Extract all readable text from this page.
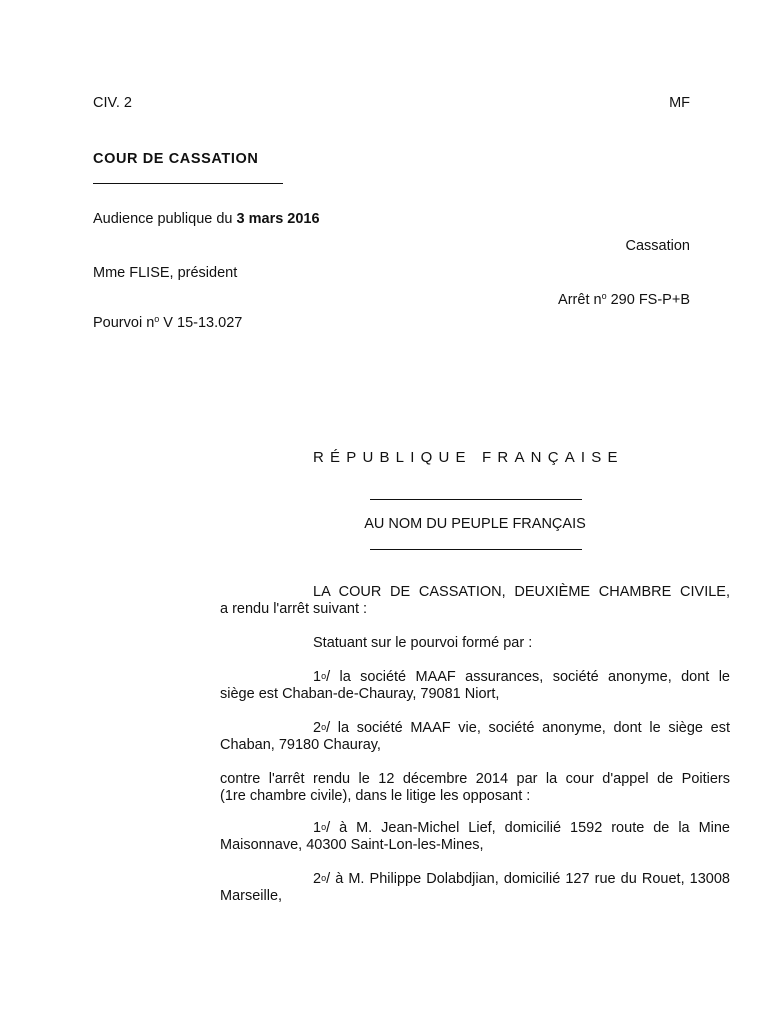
CIV. 2	MF
COUR DE CASSATION
Audience publique du 3 mars 2016
Cassation
Mme FLISE, président
Arrêt $n^o$ 290 FS-P+B
Pourvoi $n^o$ V 15-13.027
RÉPUBLIQUE FRANÇAISE
AU NOM DU PEUPLE FRANÇAIS
LA COUR DE CASSATION, DEUXIÈME CHAMBRE CIVILE,
a rendu l'arrêt suivant :
Statuant sur le pourvoi formé par :
1$^o$/ la société MAAF assurances, société anonyme, dont le
siège est Chaban-de-Chauray, 79081 Niort,
2$^o$/ la société MAAF vie, société anonyme, dont le siège est
Chaban, 79180 Chauray,
contre l'arrêt rendu le 12 décembre 2014 par la cour d'appel de Poitiers
(1re chambre civile), dans le litige les opposant :
1$^o$/ à M. Jean-Michel Lief, domicilié 1592 route de la Mine
Maisonnave, 40300 Saint-Lon-les-Mines,
2$^o$/ à M. Philippe Dolabdjian, domicilié 127 rue du Rouet, 13008
Marseille,
